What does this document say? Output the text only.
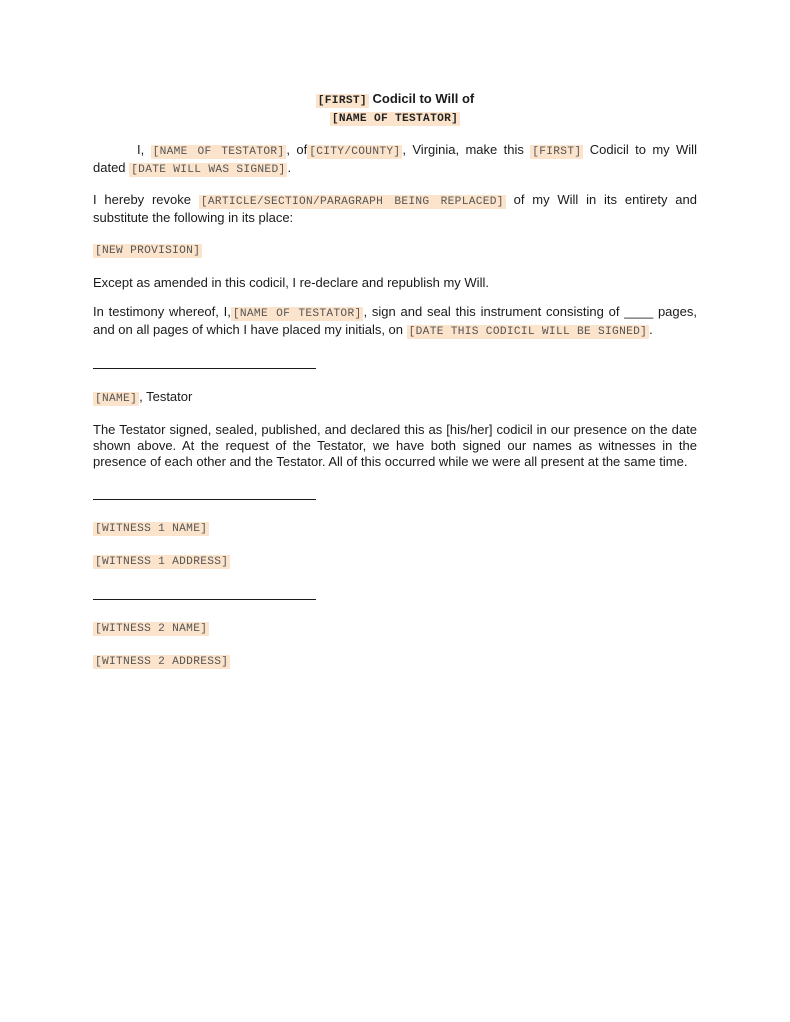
[FIRST] Codicil to Will of
[NAME OF TESTATOR]
I, [NAME OF TESTATOR] , of [CITY/COUNTY] , Virginia, make this [FIRST] Codicil to my Will dated [DATE WILL WAS SIGNED] .
I hereby revoke [ARTICLE/SECTION/PARAGRAPH BEING REPLACED] of my Will in its entirety and substitute the following in its place:
[NEW PROVISION]
Except as amended in this codicil, I re-declare and republish my Will.
In testimony whereof, I, [NAME OF TESTATOR] , sign and seal this instrument consisting of ____ pages, and on all pages of which I have placed my initials, on [DATE THIS CODICIL WILL BE SIGNED] .
[NAME] , Testator
The Testator signed, sealed, published, and declared this as [his/her] codicil in our presence on the date shown above. At the request of the Testator, we have both signed our names as witnesses in the presence of each other and the Testator. All of this occurred while we were all present at the same time.
[WITNESS 1 NAME]
[WITNESS 1 ADDRESS]
[WITNESS 2 NAME]
[WITNESS 2 ADDRESS]
